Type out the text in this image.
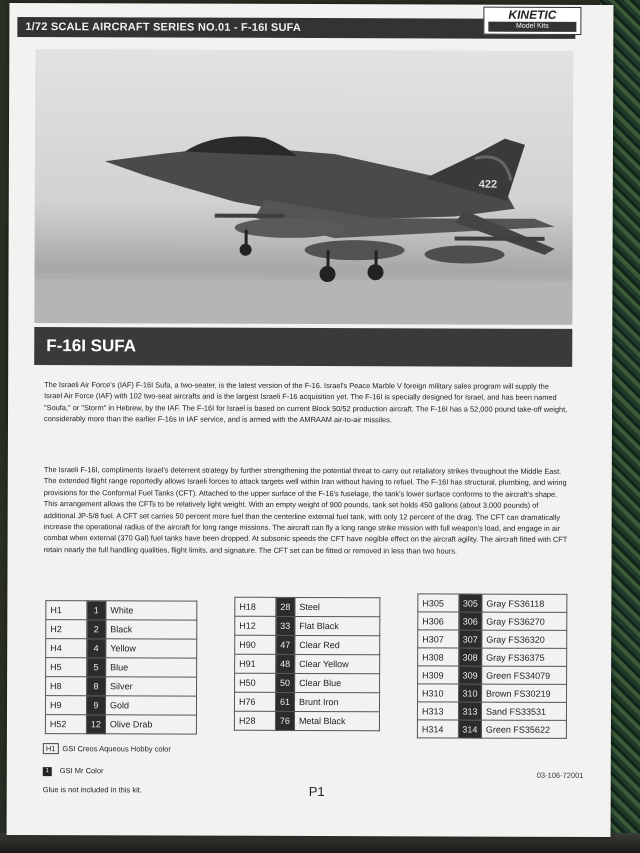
1/72 SCALE AIRCRAFT SERIES NO.01 - F-16I SUFA
KINETIC
Model Kits
422
F-16I SUFA

The Israeli Air Force's (IAF) F-16I Sufa, a two-seater, is the latest version of the F-16. Israel's Peace Marble V foreign military sales program will supply the Israel Air Force (IAF) with 102 two-seat aircrafts and is the largest Israeli F-16 acquisition yet. The F-16I is specially designed for Israel, and has been named "Soufa," or "Storm" in Hebrew, by the IAF. The F-16I for Israel is based on current Block 50/52 production aircraft. The F-16I has a 52,000 pound take-off weight, considerably more than the earlier F-16s in IAF service, and is armed with the AMRAAM air-to-air missiles.

The Israeli F-16I, compliments Israel's deterrent strategy by further strengthening the potential threat to carry out retaliatory strikes throughout the Middle East. The extended flight range reportedly allows Israeli forces to attack targets well within Iran without having to refuel. The F-16I has structural, plumbing, and wiring provisions for the Conformal Fuel Tanks (CFT). Attached to the upper surface of the F-16's fuselage, the tank's lower surface conforms to the aircraft's shape. This arrangement allows the CFTs to be relatively light weight. With an empty weight of 900 pounds, tank set holds 450 gallons (about 3,000 pounds) of additional JP-5/8 fuel. A CFT set carries 50 percent more fuel than the centerline external fuel tank, with only 12 percent of the drag. The CFT can dramatically increase the operational radius of the aircraft for long range missions. The aircraft can fly a long range strike mission with full weapon's load, and engage in air combat when external (370 Gal) fuel tanks have been dropped. At subsonic speeds the CFT have negible effect on the aircraft agility. The aircraft fitted with CFT retain nearly the full handling qualities, flight limits, and signature. The CFT set can be fitted or removed in less than two hours.

H1	1	White
H2	2	Black
H4	4	Yellow
H5	5	Blue
H8	8	Silver
H9	9	Gold
H52	12	Olive Drab
H18	28	Steel
H12	33	Flat Black
H90	47	Clear Red
H91	48	Clear Yellow
H50	50	Clear Blue
H76	61	Brunt Iron
H28	76	Metal Black
H305	305	Gray FS36118
H306	306	Gray FS36270
H307	307	Gray FS36320
H308	308	Gray FS36375
H309	309	Green FS34079
H310	310	Brown FS30219
H313	313	Sand FS33531
H314	314	Green FS35622
H1 GSI Creos Aqueous Hobby color
1	GSI Mr Color
Glue is not included in this kit.	P1
03-106-72001
